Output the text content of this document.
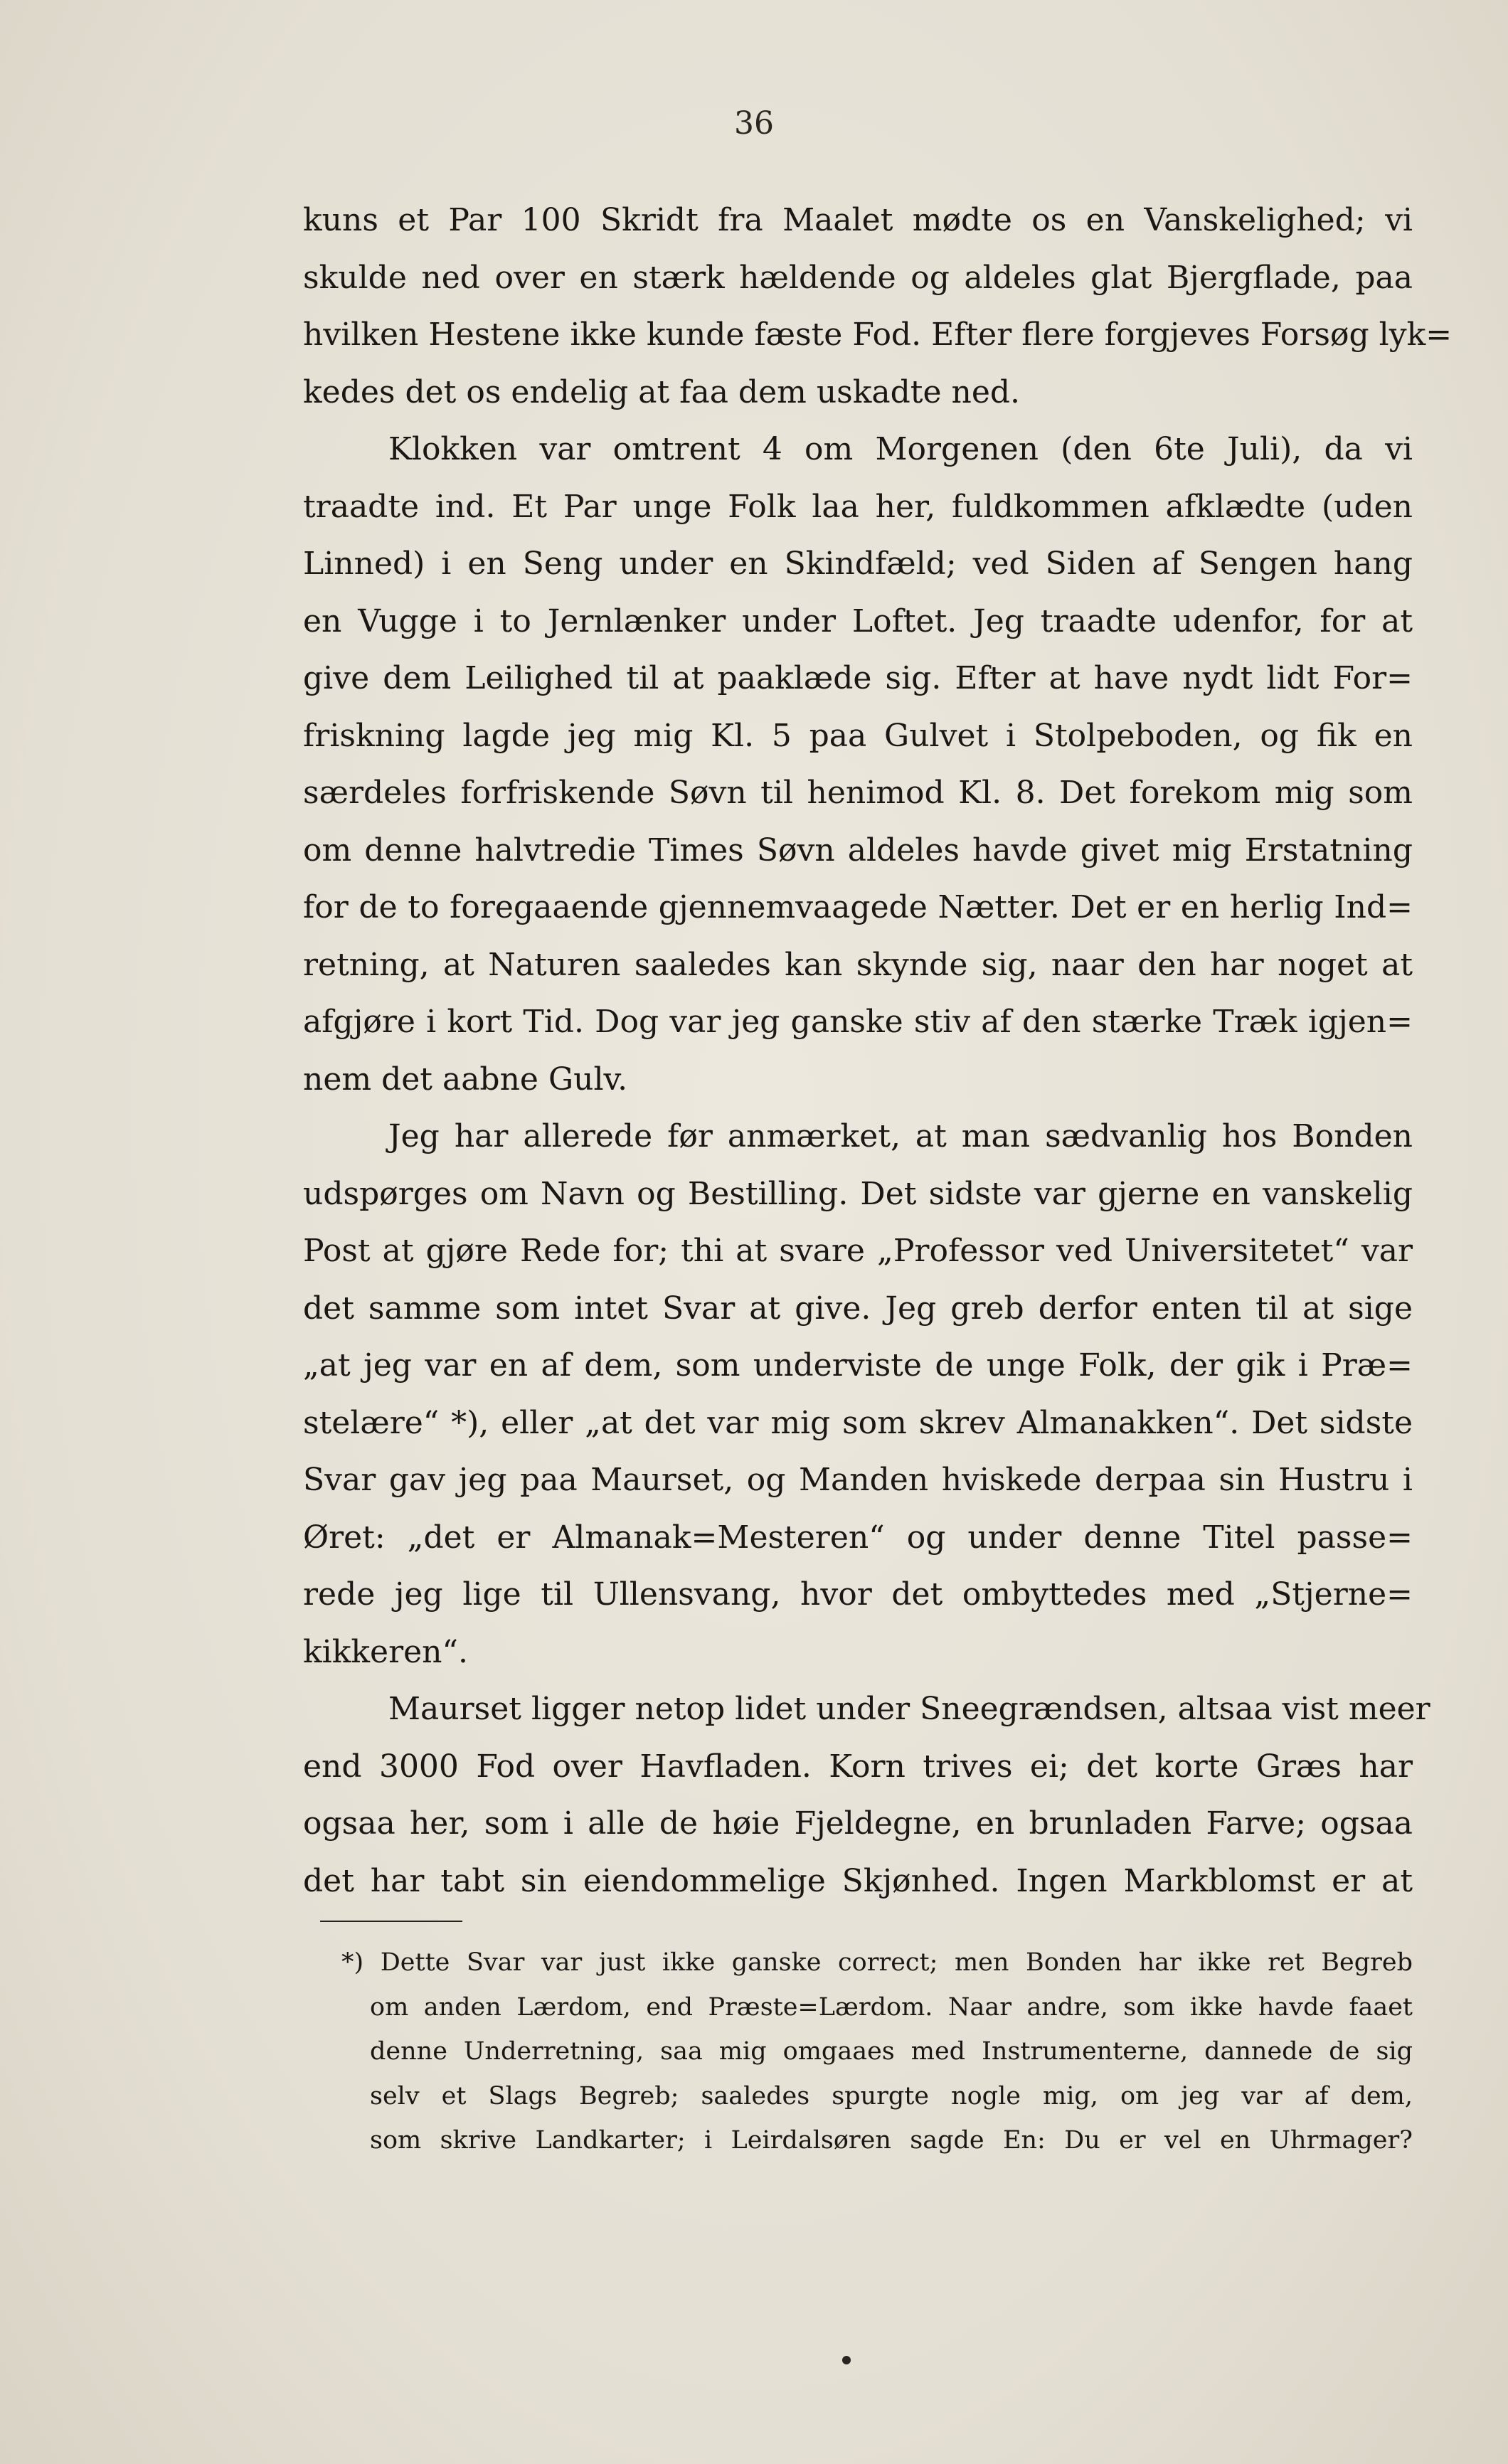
36
kuns et Par 100 Skridt fra Maalet mødte os en Vanskelighed; vi
skulde ned over en stærk hældende og aldeles glat Bjergflade, paa
hvilken Hestene ikke kunde fæste Fod. Efter flere forgjeves Forsøg lyk=
kedes det os endelig at faa dem uskadte ned.
Klokken var omtrent 4 om Morgenen (den 6te Juli), da vi
traadte ind. Et Par unge Folk laa her, fuldkommen afklædte (uden
Linned) i en Seng under en Skindfæld; ved Siden af Sengen hang
en Vugge i to Jernlænker under Loftet. Jeg traadte udenfor, for at
give dem Leilighed til at paaklæde sig. Efter at have nydt lidt For=
friskning lagde jeg mig Kl. 5 paa Gulvet i Stolpeboden, og fik en
særdeles forfriskende Søvn til henimod Kl. 8. Det forekom mig som
om denne halvtredie Times Søvn aldeles havde givet mig Erstatning
for de to foregaaende gjennemvaagede Nætter. Det er en herlig Ind=
retning, at Naturen saaledes kan skynde sig, naar den har noget at
afgjøre i kort Tid. Dog var jeg ganske stiv af den stærke Træk igjen=
nem det aabne Gulv.
Jeg har allerede før anmærket, at man sædvanlig hos Bonden
udspørges om Navn og Bestilling. Det sidste var gjerne en vanskelig
Post at gjøre Rede for; thi at svare „Professor ved Universitetet“ var
det samme som intet Svar at give. Jeg greb derfor enten til at sige
„at jeg var en af dem, som underviste de unge Folk, der gik i Præ=
stelære“ *), eller „at det var mig som skrev Almanakken“. Det sidste
Svar gav jeg paa Maurset, og Manden hviskede derpaa sin Hustru i
Øret: „det er Almanak=Mesteren“ og under denne Titel passe=
rede jeg lige til Ullensvang, hvor det ombyttedes med „Stjerne=
kikkeren“.
Maurset ligger netop lidet under Sneegrændsen, altsaa vist meer
end 3000 Fod over Havfladen. Korn trives ei; det korte Græs har
ogsaa her, som i alle de høie Fjeldegne, en brunladen Farve; ogsaa
det har tabt sin eiendommelige Skjønhed. Ingen Markblomst er at
*) Dette Svar var just ikke ganske correct; men Bonden har ikke ret Begreb
om anden Lærdom, end Præste=Lærdom. Naar andre, som ikke havde faaet
denne Underretning, saa mig omgaaes med Instrumenterne, dannede de sig
selv et Slags Begreb; saaledes spurgte nogle mig, om jeg var af dem,
som skrive Landkarter; i Leirdalsøren sagde En: Du er vel en Uhrmager?
